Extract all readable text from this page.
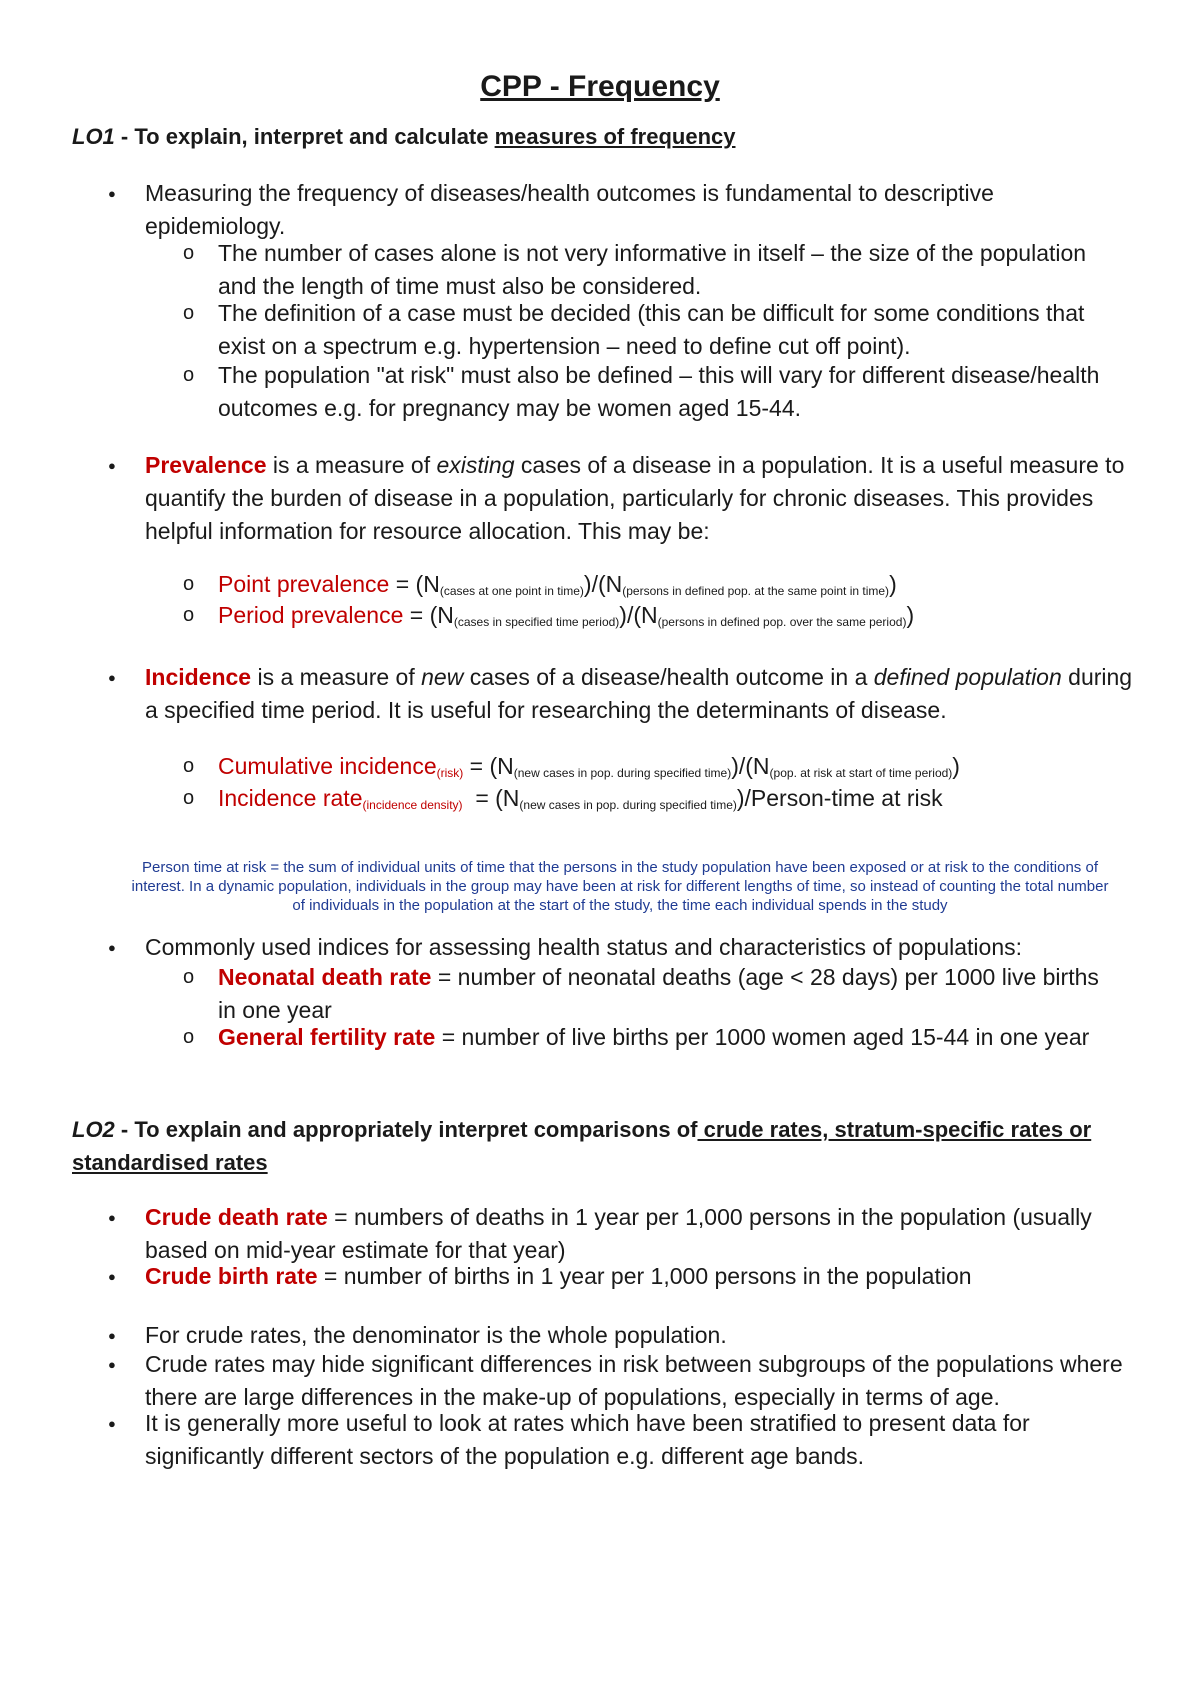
CPP - Frequency
LO1 - To explain, interpret and calculate measures of frequency
● Measuring the frequency of diseases/health outcomes is fundamental to descriptive epidemiology.
o The number of cases alone is not very informative in itself – the size of the population and the length of time must also be considered.
o The definition of a case must be decided (this can be difficult for some conditions that exist on a spectrum e.g. hypertension – need to define cut off point).
o The population "at risk" must also be defined – this will vary for different disease/health outcomes e.g. for pregnancy may be women aged 15-44.
● Prevalence is a measure of existing cases of a disease in a population. It is a useful measure to quantify the burden of disease in a population, particularly for chronic diseases. This provides helpful information for resource allocation. This may be:
o Point prevalence = $(N_{(cases at one point in time)})/(N_{(persons in defined pop. at the same point in time)})$
o Period prevalence = $(N_{(cases in specified time period)})/(N_{(persons in defined pop. over the same period)})$
● Incidence is a measure of new cases of a disease/health outcome in a defined population during a specified time period. It is useful for researching the determinants of disease.
o Cumulative incidence$_{(risk)}$ = $(N_{(new cases in pop. during specified time)})/(N_{(pop. at risk at start of time period)})$
o Incidence rate$_{(incidence density)}$  = $(N_{(new cases in pop. during specified time)})/Person$-time at risk
Person time at risk = the sum of individual units of time that the persons in the study population have been exposed or at risk to the conditions of interest. In a dynamic population, individuals in the group may have been at risk for different lengths of time, so instead of counting the total number of individuals in the population at the start of the study, the time each individual spends in the study
● Commonly used indices for assessing health status and characteristics of populations:
o Neonatal death rate = number of neonatal deaths (age < 28 days) per 1000 live births in one year
o General fertility rate = number of live births per 1000 women aged 15-44 in one year
LO2 - To explain and appropriately interpret comparisons of crude rates, stratum-specific rates or standardised rates
● Crude death rate = numbers of deaths in 1 year per 1,000 persons in the population (usually based on mid-year estimate for that year)
● Crude birth rate = number of births in 1 year per 1,000 persons in the population
● For crude rates, the denominator is the whole population.
● Crude rates may hide significant differences in risk between subgroups of the populations where there are large differences in the make-up of populations, especially in terms of age.
● It is generally more useful to look at rates which have been stratified to present data for significantly different sectors of the population e.g. different age bands.
